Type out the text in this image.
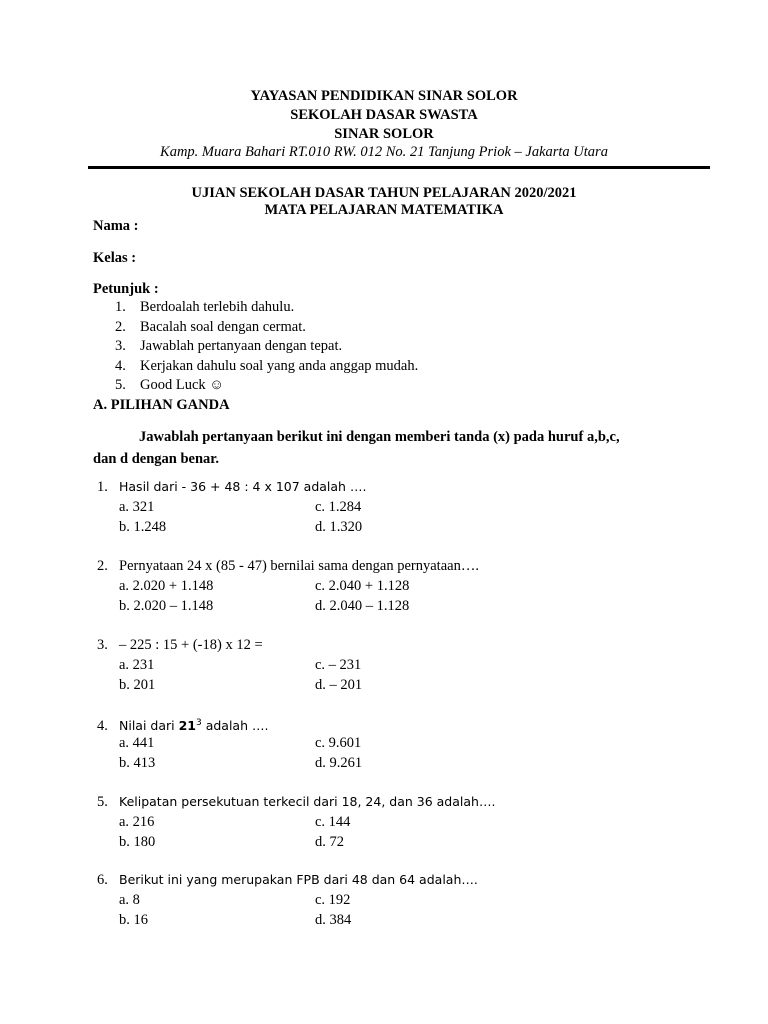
YAYASAN PENDIDIKAN SINAR SOLOR
SEKOLAH DASAR SWASTA
SINAR SOLOR
Kamp. Muara Bahari RT.010 RW. 012 No. 21 Tanjung Priok – Jakarta Utara
UJIAN SEKOLAH DASAR TAHUN PELAJARAN 2020/2021
MATA PELAJARAN MATEMATIKA
Nama :
Kelas :
Petunjuk :
1. Berdoalah terlebih dahulu.
2. Bacalah soal dengan cermat.
3. Jawablah pertanyaan dengan tepat.
4. Kerjakan dahulu soal yang anda anggap mudah.
5. Good Luck ☺
A. PILIHAN GANDA
Jawablah pertanyaan berikut ini dengan memberi tanda (x) pada huruf a,b,c,
dan d dengan benar.
1. Hasil dari - 36 + 48 : 4 x 107 adalah ….
a. 321	c. 1.284
b. 1.248	d. 1.320
2. Pernyataan 24 x (85 - 47) bernilai sama dengan pernyataan….
a. 2.020 + 1.148	c. 2.040 + 1.128
b. 2.020 – 1.148	d. 2.040 – 1.128
3. – 225 : 15 + (-18) x 12 =
a. 231	c. – 231
b. 201	d. – 201
4. Nilai dari $21^3$ adalah ….
a. 441	c. 9.601
b. 413	d. 9.261
5. Kelipatan persekutuan terkecil dari 18, 24, dan 36 adalah….
a. 216	c. 144
b. 180	d. 72
6. Berikut ini yang merupakan FPB dari 48 dan 64 adalah….
a. 8	c. 192
b. 16	d. 384
